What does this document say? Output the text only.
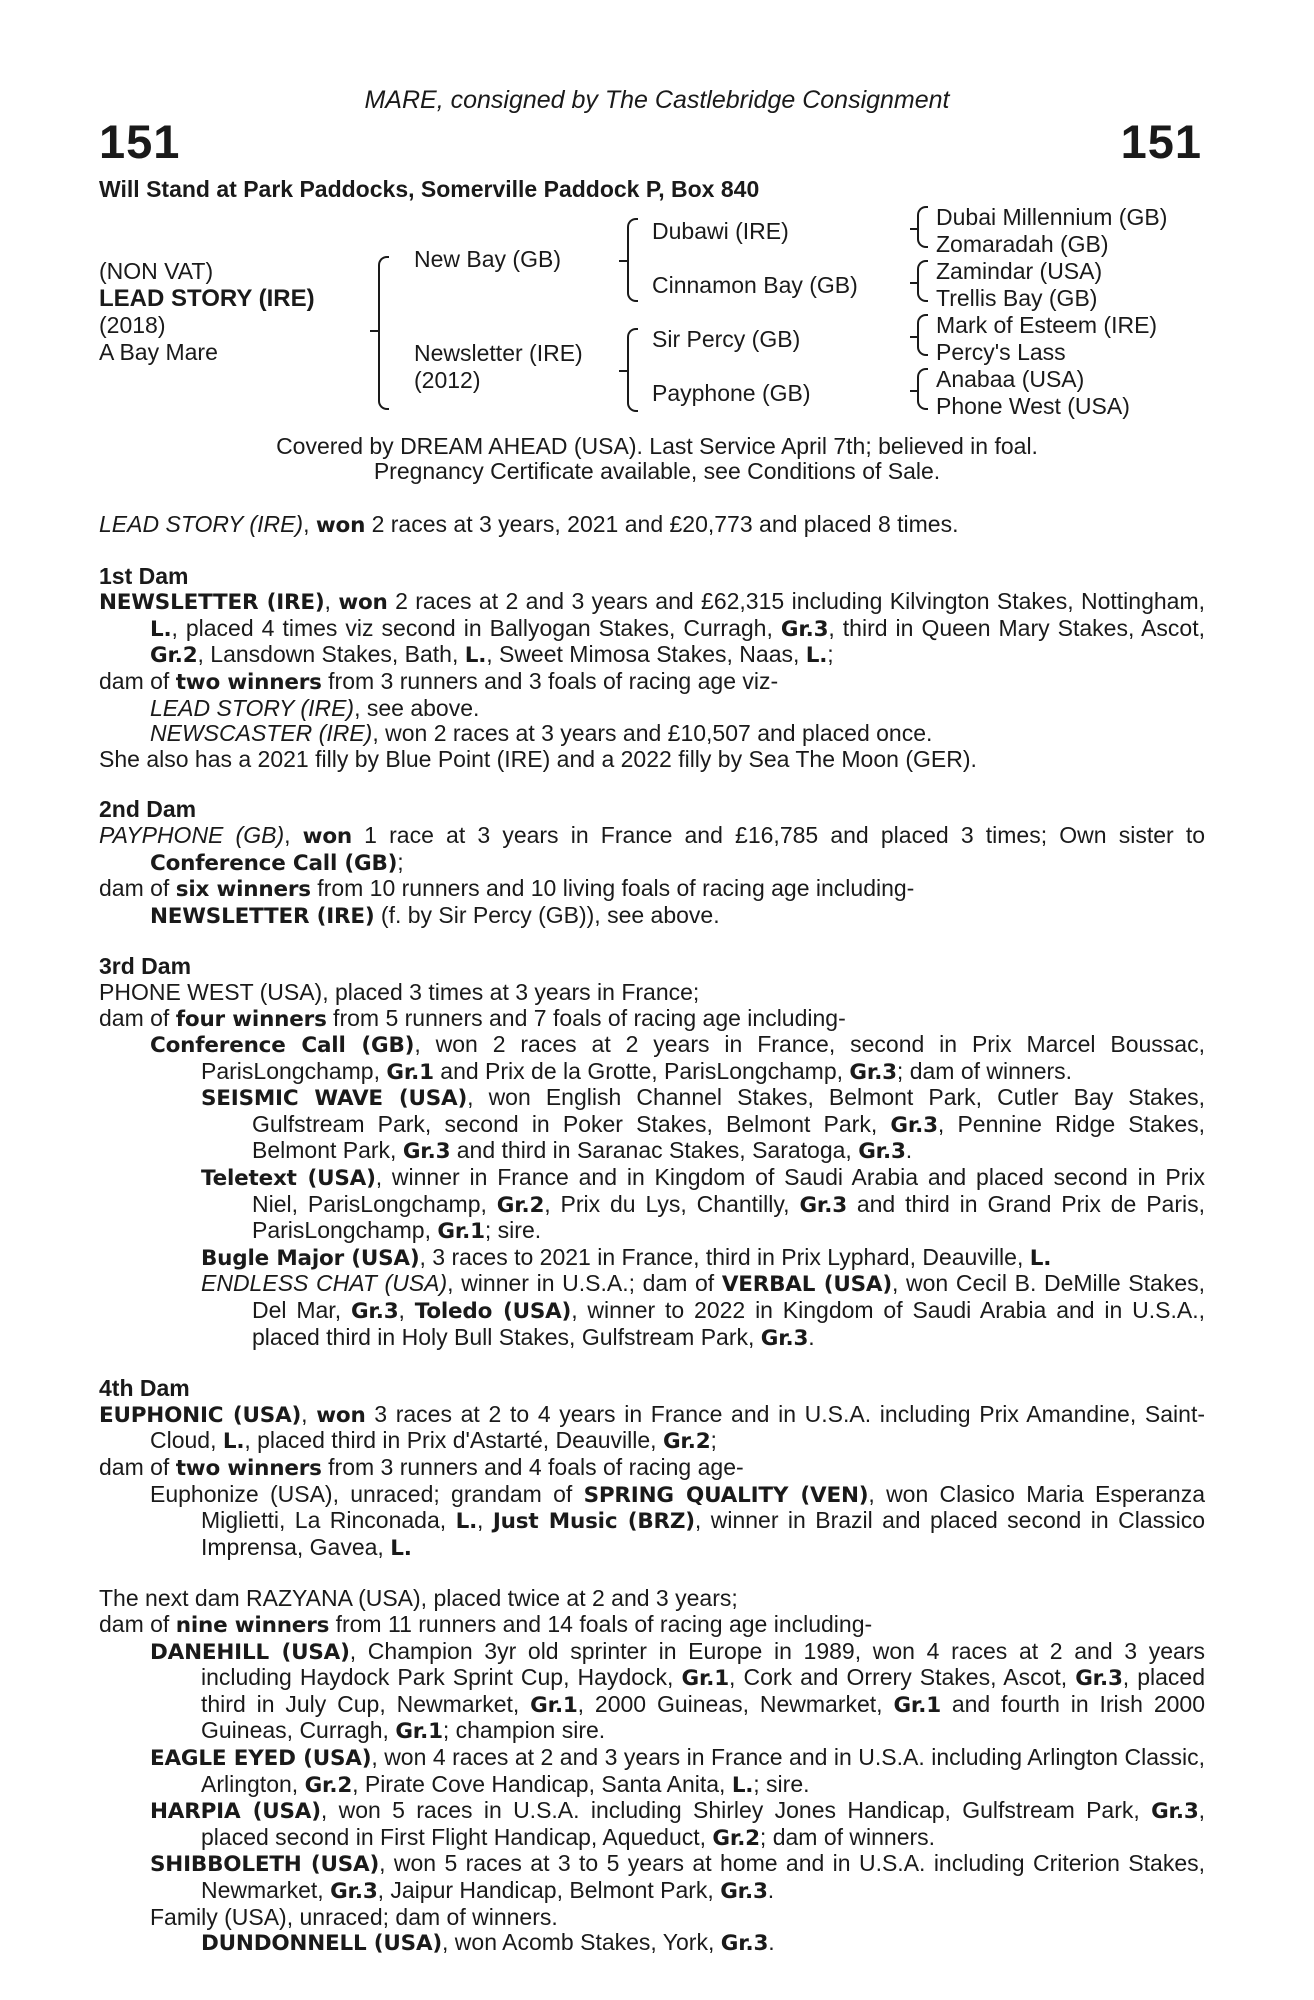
MARE, consigned by The Castlebridge Consignment
151	151
Will Stand at Park Paddocks, Somerville Paddock P, Box 840
(NON VAT)
LEAD STORY (IRE)
(2018)
A Bay Mare
New Bay (GB)
Newsletter (IRE)
(2012)
Dubawi (IRE)
Cinnamon Bay (GB)
Sir Percy (GB)
Payphone (GB)
Dubai Millennium (GB)
Zomaradah (GB)
Zamindar (USA)
Trellis Bay (GB)
Mark of Esteem (IRE)
Percy's Lass
Anabaa (USA)
Phone West (USA)
Covered by DREAM AHEAD (USA). Last Service April 7th; believed in foal.
Pregnancy Certificate available, see Conditions of Sale.

LEAD STORY (IRE), won 2 races at 3 years, 2021 and £20,773 and placed 8 times.

1st Dam

NEWSLETTER (IRE), won 2 races at 2 and 3 years and £62,315 including Kilvington Stakes, Nottingham, L., placed 4 times viz second in Ballyogan Stakes, Curragh, Gr.3, third in Queen Mary Stakes, Ascot, Gr.2, Lansdown Stakes, Bath, L., Sweet Mimosa Stakes, Naas, L.;

dam of two winners from 3 runners and 3 foals of racing age viz-

LEAD STORY (IRE), see above.

NEWSCASTER (IRE), won 2 races at 3 years and £10,507 and placed once.

She also has a 2021 filly by Blue Point (IRE) and a 2022 filly by Sea The Moon (GER).

2nd Dam

PAYPHONE (GB), won 1 race at 3 years in France and £16,785 and placed 3 times; Own sister to Conference Call (GB);

dam of six winners from 10 runners and 10 living foals of racing age including-

NEWSLETTER (IRE) (f. by Sir Percy (GB)), see above.

3rd Dam

PHONE WEST (USA), placed 3 times at 3 years in France;

dam of four winners from 5 runners and 7 foals of racing age including-

Conference Call (GB), won 2 races at 2 years in France, second in Prix Marcel Boussac, ParisLongchamp, Gr.1 and Prix de la Grotte, ParisLongchamp, Gr.3; dam of winners.

SEISMIC WAVE (USA), won English Channel Stakes, Belmont Park, Cutler Bay Stakes, Gulfstream Park, second in Poker Stakes, Belmont Park, Gr.3, Pennine Ridge Stakes, Belmont Park, Gr.3 and third in Saranac Stakes, Saratoga, Gr.3.

Teletext (USA), winner in France and in Kingdom of Saudi Arabia and placed second in Prix Niel, ParisLongchamp, Gr.2, Prix du Lys, Chantilly, Gr.3 and third in Grand Prix de Paris, ParisLongchamp, Gr.1; sire.

Bugle Major (USA), 3 races to 2021 in France, third in Prix Lyphard, Deauville, L.

ENDLESS CHAT (USA), winner in U.S.A.; dam of VERBAL (USA), won Cecil B. DeMille Stakes, Del Mar, Gr.3, Toledo (USA), winner to 2022 in Kingdom of Saudi Arabia and in U.S.A., placed third in Holy Bull Stakes, Gulfstream Park, Gr.3.

4th Dam

EUPHONIC (USA), won 3 races at 2 to 4 years in France and in U.S.A. including Prix Amandine, Saint-Cloud, L., placed third in Prix d'Astarté, Deauville, Gr.2;

dam of two winners from 3 runners and 4 foals of racing age-

Euphonize (USA), unraced; grandam of SPRING QUALITY (VEN), won Clasico Maria Esperanza Miglietti, La Rinconada, L., Just Music (BRZ), winner in Brazil and placed second in Classico Imprensa, Gavea, L.

The next dam RAZYANA (USA), placed twice at 2 and 3 years;

dam of nine winners from 11 runners and 14 foals of racing age including-

DANEHILL (USA), Champion 3yr old sprinter in Europe in 1989, won 4 races at 2 and 3 years including Haydock Park Sprint Cup, Haydock, Gr.1, Cork and Orrery Stakes, Ascot, Gr.3, placed third in July Cup, Newmarket, Gr.1, 2000 Guineas, Newmarket, Gr.1 and fourth in Irish 2000 Guineas, Curragh, Gr.1; champion sire.

EAGLE EYED (USA), won 4 races at 2 and 3 years in France and in U.S.A. including Arlington Classic, Arlington, Gr.2, Pirate Cove Handicap, Santa Anita, L.; sire.

HARPIA (USA), won 5 races in U.S.A. including Shirley Jones Handicap, Gulfstream Park, Gr.3, placed second in First Flight Handicap, Aqueduct, Gr.2; dam of winners.

SHIBBOLETH (USA), won 5 races at 3 to 5 years at home and in U.S.A. including Criterion Stakes, Newmarket, Gr.3, Jaipur Handicap, Belmont Park, Gr.3.

Family (USA), unraced; dam of winners.

DUNDONNELL (USA), won Acomb Stakes, York, Gr.3.
